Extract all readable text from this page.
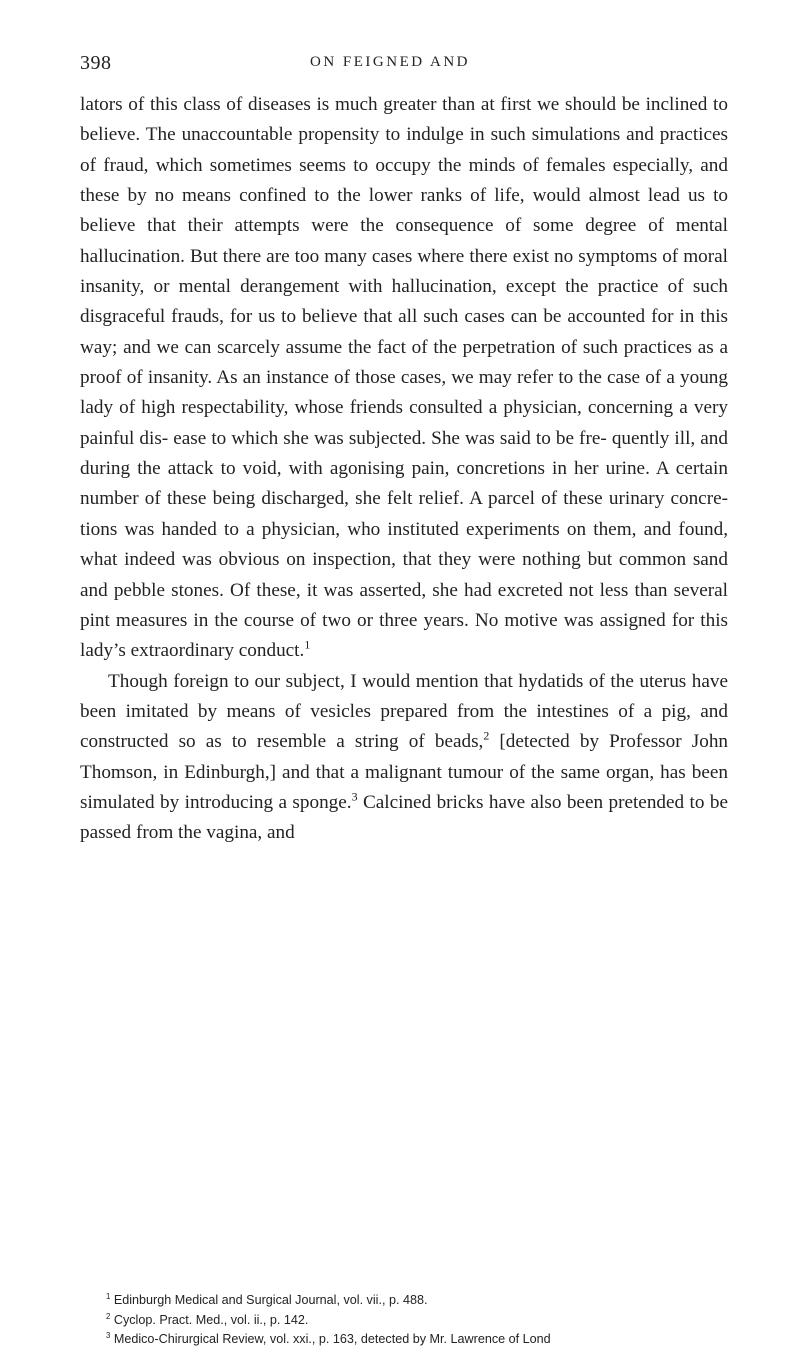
398	ON FEIGNED AND

lators of this class of diseases is much greater than at first we should be inclined to believe. The unaccountable propensity to indulge in such simulations and practices of fraud, which sometimes seems to occupy the minds of females especially, and these by no means confined to the lower ranks of life, would almost lead us to believe that their attempts were the consequence of some degree of mental hallucination. But there are too many cases where there exist no symptoms of moral insanity, or mental derangement with hallucination, except the practice of such disgraceful frauds, for us to believe that all such cases can be accounted for in this way; and we can scarcely assume the fact of the perpetration of such practices as a proof of insanity. As an instance of those cases, we may refer to the case of a young lady of high respectability, whose friends consulted a physician, concerning a very painful dis- ease to which she was subjected. She was said to be fre- quently ill, and during the attack to void, with agonising pain, concretions in her urine. A certain number of these being discharged, she felt relief. A parcel of these urinary concre- tions was handed to a physician, who instituted experiments on them, and found, what indeed was obvious on inspection, that they were nothing but common sand and pebble stones. Of these, it was asserted, she had excreted not less than several pint measures in the course of two or three years. No motive was assigned for this lady’s extraordinary conduct.$^1$

Though foreign to our subject, I would mention that hydatids of the uterus have been imitated by means of vesicles prepared from the intestines of a pig, and constructed so as to resemble a string of beads,$^2$ [detected by Professor John Thomson, in Edinburgh,] and that a malignant tumour of the same organ, has been simulated by introducing a sponge.$^3$ Calcined bricks have also been pretended to be passed from the vagina, and

$^1$ Edinburgh Medical and Surgical Journal, vol. vii., p. 488.

$^2$ Cyclop. Pract. Med., vol. ii., p. 142.

$^3$ Medico-Chirurgical Review, vol. xxi., p. 163, detected by Mr. Lawrence of Lond
